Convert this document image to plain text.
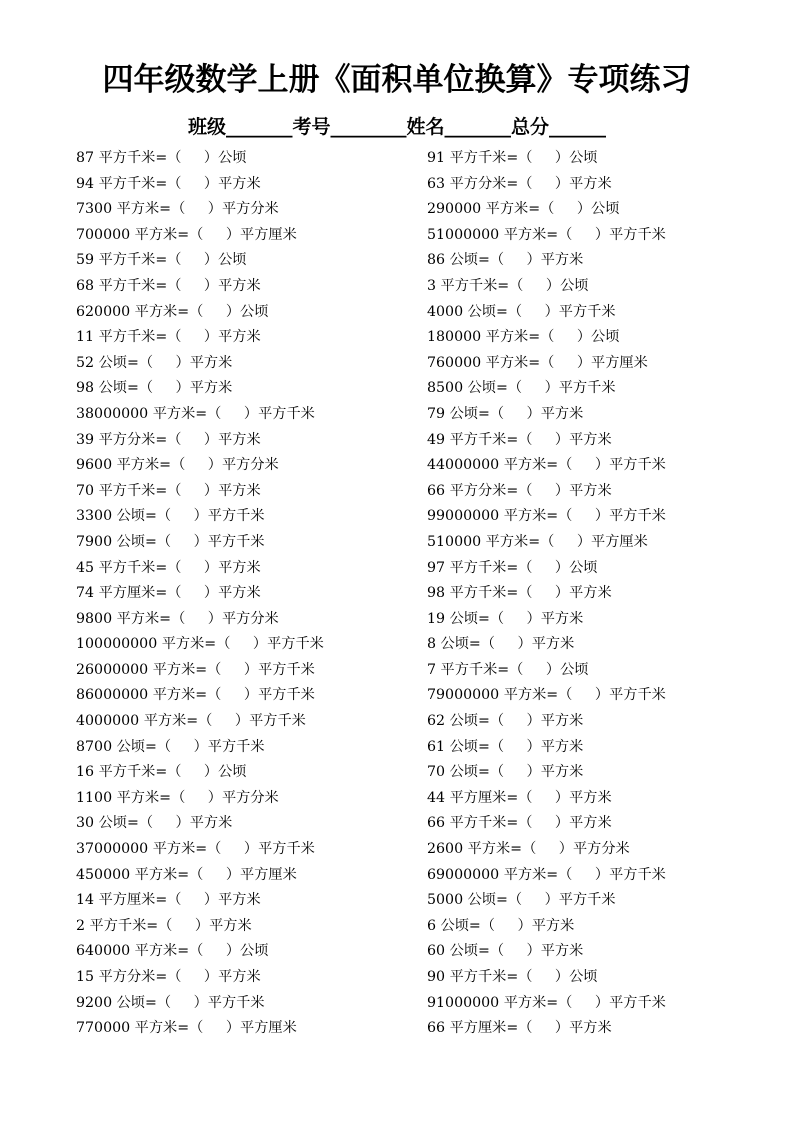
四年级数学上册《面积单位换算》专项练习
班级_______考号________姓名_______总分______
87 平方千米=（     ）公顷
94 平方千米=（     ）平方米
7300 平方米=（     ）平方分米
700000 平方米=（     ）平方厘米
59 平方千米=（     ）公顷
68 平方千米=（     ）平方米
620000 平方米=（     ）公顷
11 平方千米=（     ）平方米
52 公顷=（     ）平方米
98 公顷=（     ）平方米
38000000 平方米=（     ）平方千米
39 平方分米=（     ）平方米
9600 平方米=（     ）平方分米
70 平方千米=（     ）平方米
3300 公顷=（     ）平方千米
7900 公顷=（     ）平方千米
45 平方千米=（     ）平方米
74 平方厘米=（     ）平方米
9800 平方米=（     ）平方分米
100000000 平方米=（     ）平方千米
26000000 平方米=（     ）平方千米
86000000 平方米=（     ）平方千米
4000000 平方米=（     ）平方千米
8700 公顷=（     ）平方千米
16 平方千米=（     ）公顷
1100 平方米=（     ）平方分米
30 公顷=（     ）平方米
37000000 平方米=（     ）平方千米
450000 平方米=（     ）平方厘米
14 平方厘米=（     ）平方米
2 平方千米=（     ）平方米
640000 平方米=（     ）公顷
15 平方分米=（     ）平方米
9200 公顷=（     ）平方千米
770000 平方米=（     ）平方厘米
91 平方千米=（     ）公顷
63 平方分米=（     ）平方米
290000 平方米=（     ）公顷
51000000 平方米=（     ）平方千米
86 公顷=（     ）平方米
3 平方千米=（     ）公顷
4000 公顷=（     ）平方千米
180000 平方米=（     ）公顷
760000 平方米=（     ）平方厘米
8500 公顷=（     ）平方千米
79 公顷=（     ）平方米
49 平方千米=（     ）平方米
44000000 平方米=（     ）平方千米
66 平方分米=（     ）平方米
99000000 平方米=（     ）平方千米
510000 平方米=（     ）平方厘米
97 平方千米=（     ）公顷
98 平方千米=（     ）平方米
19 公顷=（     ）平方米
8 公顷=（     ）平方米
7 平方千米=（     ）公顷
79000000 平方米=（     ）平方千米
62 公顷=（     ）平方米
61 公顷=（     ）平方米
70 公顷=（     ）平方米
44 平方厘米=（     ）平方米
66 平方千米=（     ）平方米
2600 平方米=（     ）平方分米
69000000 平方米=（     ）平方千米
5000 公顷=（     ）平方千米
6 公顷=（     ）平方米
60 公顷=（     ）平方米
90 平方千米=（     ）公顷
91000000 平方米=（     ）平方千米
66 平方厘米=（     ）平方米
